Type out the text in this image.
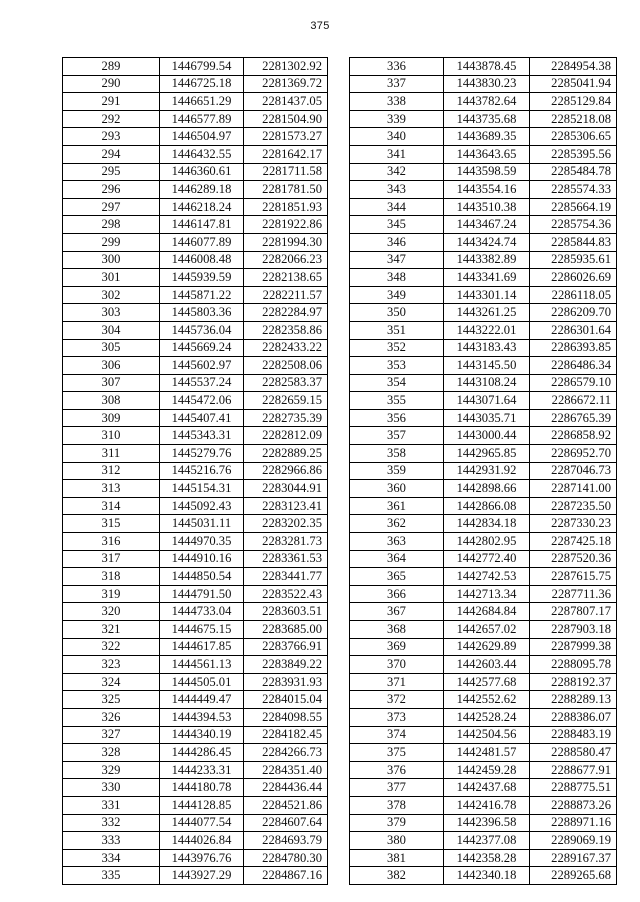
375
289	1446799.54	2281302.92
290	1446725.18	2281369.72
291	1446651.29	2281437.05
292	1446577.89	2281504.90
293	1446504.97	2281573.27
294	1446432.55	2281642.17
295	1446360.61	2281711.58
296	1446289.18	2281781.50
297	1446218.24	2281851.93
298	1446147.81	2281922.86
299	1446077.89	2281994.30
300	1446008.48	2282066.23
301	1445939.59	2282138.65
302	1445871.22	2282211.57
303	1445803.36	2282284.97
304	1445736.04	2282358.86
305	1445669.24	2282433.22
306	1445602.97	2282508.06
307	1445537.24	2282583.37
308	1445472.06	2282659.15
309	1445407.41	2282735.39
310	1445343.31	2282812.09
311	1445279.76	2282889.25
312	1445216.76	2282966.86
313	1445154.31	2283044.91
314	1445092.43	2283123.41
315	1445031.11	2283202.35
316	1444970.35	2283281.73
317	1444910.16	2283361.53
318	1444850.54	2283441.77
319	1444791.50	2283522.43
320	1444733.04	2283603.51
321	1444675.15	2283685.00
322	1444617.85	2283766.91
323	1444561.13	2283849.22
324	1444505.01	2283931.93
325	1444449.47	2284015.04
326	1444394.53	2284098.55
327	1444340.19	2284182.45
328	1444286.45	2284266.73
329	1444233.31	2284351.40
330	1444180.78	2284436.44
331	1444128.85	2284521.86
332	1444077.54	2284607.64
333	1444026.84	2284693.79
334	1443976.76	2284780.30
335	1443927.29	2284867.16
336	1443878.45	2284954.38
337	1443830.23	2285041.94
338	1443782.64	2285129.84
339	1443735.68	2285218.08
340	1443689.35	2285306.65
341	1443643.65	2285395.56
342	1443598.59	2285484.78
343	1443554.16	2285574.33
344	1443510.38	2285664.19
345	1443467.24	2285754.36
346	1443424.74	2285844.83
347	1443382.89	2285935.61
348	1443341.69	2286026.69
349	1443301.14	2286118.05
350	1443261.25	2286209.70
351	1443222.01	2286301.64
352	1443183.43	2286393.85
353	1443145.50	2286486.34
354	1443108.24	2286579.10
355	1443071.64	2286672.11
356	1443035.71	2286765.39
357	1443000.44	2286858.92
358	1442965.85	2286952.70
359	1442931.92	2287046.73
360	1442898.66	2287141.00
361	1442866.08	2287235.50
362	1442834.18	2287330.23
363	1442802.95	2287425.18
364	1442772.40	2287520.36
365	1442742.53	2287615.75
366	1442713.34	2287711.36
367	1442684.84	2287807.17
368	1442657.02	2287903.18
369	1442629.89	2287999.38
370	1442603.44	2288095.78
371	1442577.68	2288192.37
372	1442552.62	2288289.13
373	1442528.24	2288386.07
374	1442504.56	2288483.19
375	1442481.57	2288580.47
376	1442459.28	2288677.91
377	1442437.68	2288775.51
378	1442416.78	2288873.26
379	1442396.58	2288971.16
380	1442377.08	2289069.19
381	1442358.28	2289167.37
382	1442340.18	2289265.68
